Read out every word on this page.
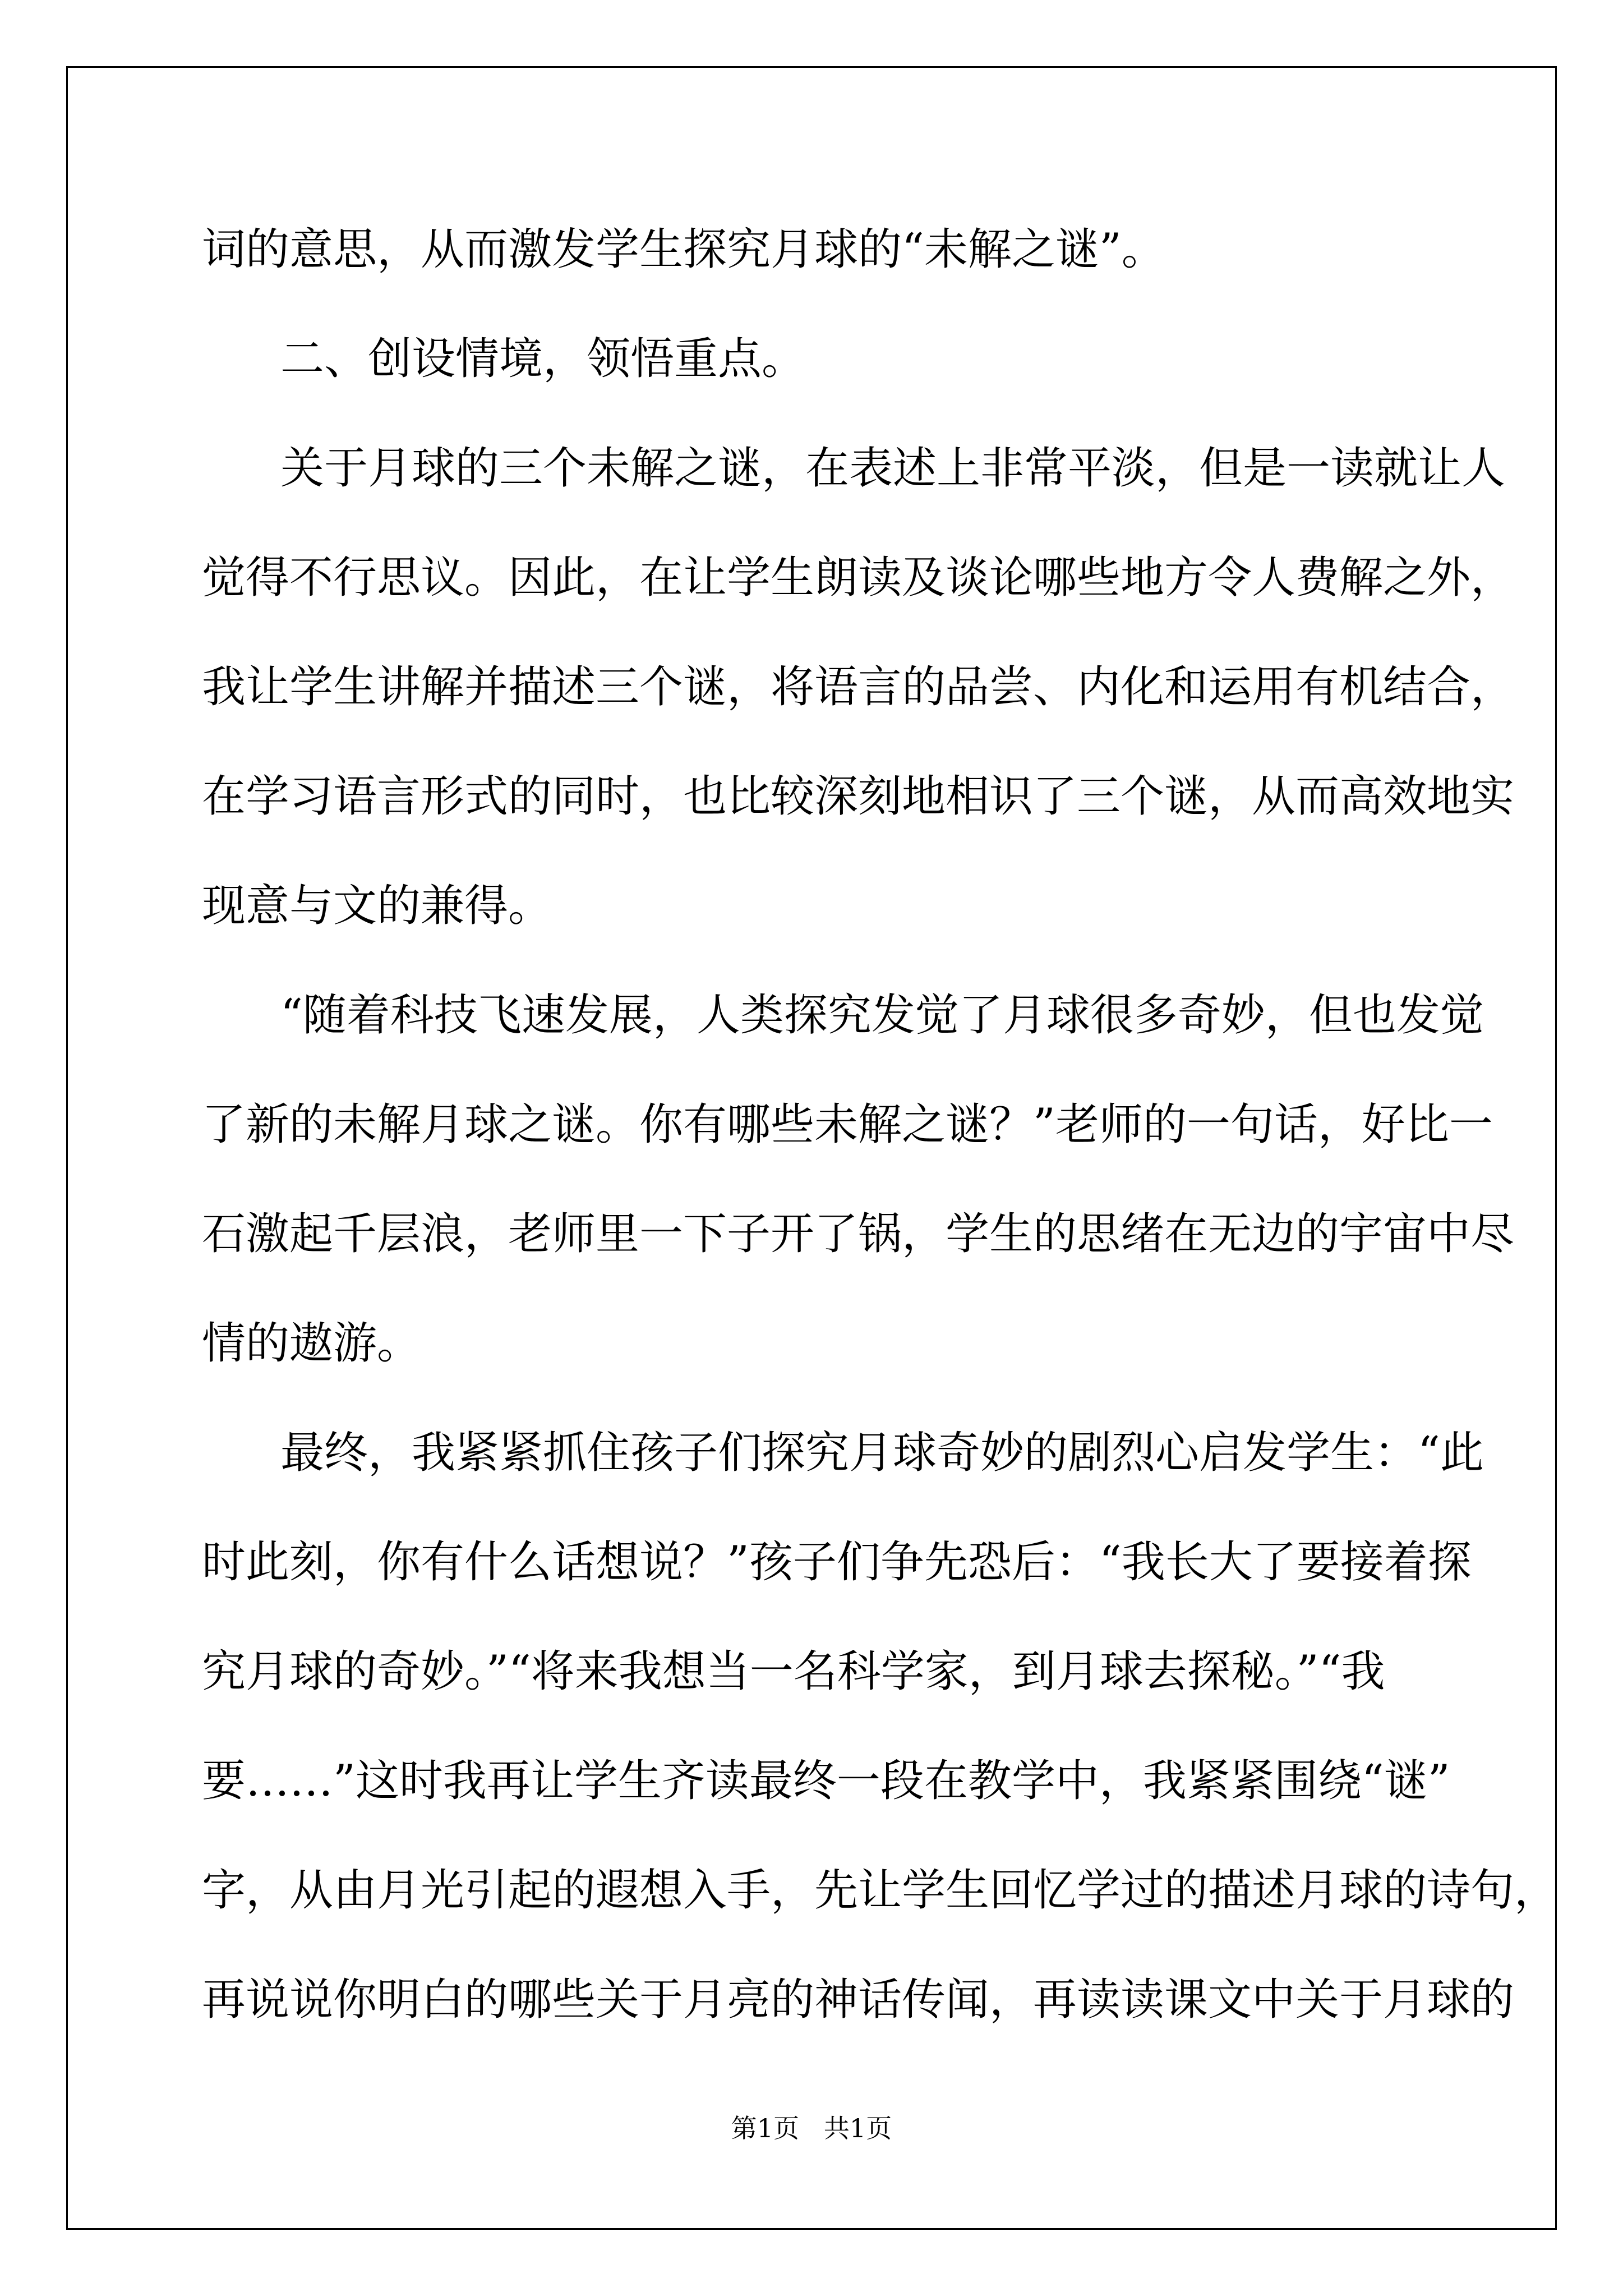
词的意思，从而激发学生探究月球的“未解之谜”。
二、创设情境，领悟重点。
关于月球的三个未解之谜，在表述上非常平淡，但是一读就让人
觉得不行思议。因此，在让学生朗读及谈论哪些地方令人费解之外，
我让学生讲解并描述三个谜，将语言的品尝、内化和运用有机结合，
在学习语言形式的同时，也比较深刻地相识了三个谜，从而高效地实
现意与文的兼得。
“随着科技飞速发展，人类探究发觉了月球很多奇妙，但也发觉
了新的未解月球之谜。你有哪些未解之谜？”老师的一句话，好比一
石激起千层浪，老师里一下子开了锅，学生的思绪在无边的宇宙中尽
情的遨游。
最终，我紧紧抓住孩子们探究月球奇妙的剧烈心启发学生：“此
时此刻，你有什么话想说？”孩子们争先恐后：“我长大了要接着探
究月球的奇妙。”“将来我想当一名科学家，到月球去探秘。”“我
要……”这时我再让学生齐读最终一段在教学中，我紧紧围绕“谜”
字，从由月光引起的遐想入手，先让学生回忆学过的描述月球的诗句，
再说说你明白的哪些关于月亮的神话传闻，再读读课文中关于月球的
第1页   共1页
